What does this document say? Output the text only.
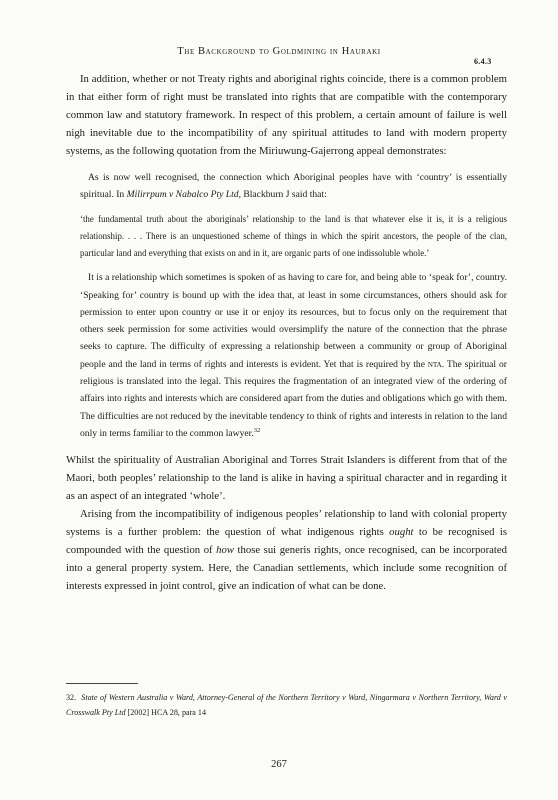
The Background to Goldmining in Hauraki
6.4.3

In addition, whether or not Treaty rights and aboriginal rights coincide, there is a common problem in that either form of right must be translated into rights that are compatible with the contemporary common law and statutory framework. In respect of this problem, a certain amount of failure is well nigh inevitable due to the incompatibility of any spiritual attitudes to land with modern property systems, as the following quotation from the Miriuwung-Gajerrong appeal demonstrates:

As is now well recognised, the connection which Aboriginal peoples have with ‘country’ is essentially spiritual. In Milirrpum v Nabalco Pty Ltd, Blackburn J said that:

‘the fundamental truth about the aboriginals’ relationship to the land is that whatever else it is, it is a religious relationship. . . . There is an unquestioned scheme of things in which the spirit ancestors, the people of the clan, particular land and everything that exists on and in it, are organic parts of one indissoluble whole.’

It is a relationship which sometimes is spoken of as having to care for, and being able to ‘speak for’, country. ‘Speaking for’ country is bound up with the idea that, at least in some circumstances, others should ask for permission to enter upon country or use it or enjoy its resources, but to focus only on the requirement that others seek permission for some activities would oversimplify the nature of the connection that the phrase seeks to capture. The difficulty of expressing a relationship between a community or group of Aboriginal people and the land in terms of rights and interests is evident. Yet that is required by the nta. The spiritual or religious is translated into the legal. This requires the fragmentation of an integrated view of the ordering of affairs into rights and interests which are considered apart from the duties and obligations which go with them. The difficulties are not reduced by the inevitable tendency to think of rights and interests in relation to the land only in terms familiar to the common lawyer.$^{32}$

Whilst the spirituality of Australian Aboriginal and Torres Strait Islanders is different from that of the Maori, both peoples’ relationship to the land is alike in having a spiritual character and in regarding it as an aspect of an integrated ‘whole’.

Arising from the incompatibility of indigenous peoples’ relationship to land with colonial property systems is a further problem: the question of what indigenous rights ought to be recognised is compounded with the question of how those sui generis rights, once recognised, can be incorporated into a general property system. Here, the Canadian settlements, which include some recognition of interests expressed in joint control, give an indication of what can be done.

32. State of Western Australia v Ward, Attorney-General of the Northern Territory v Ward, Ningarmara v Northern Territory, Ward v Crosswalk Pty Ltd [2002] HCA 28, para 14
267
